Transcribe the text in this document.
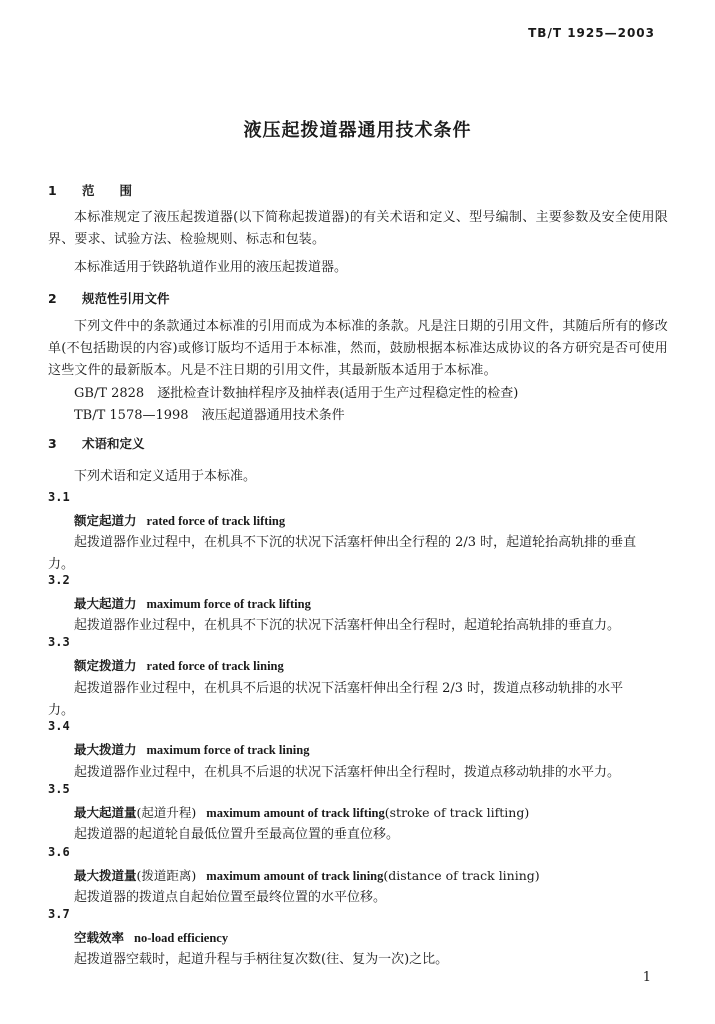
TB/T 1925—2003
液压起拨道器通用技术条件
1 范　　围
本标准规定了液压起拨道器(以下简称起拨道器)的有关术语和定义、型号编制、主要参数及安全使用限界、要求、试验方法、检验规则、标志和包装。
本标准适用于铁路轨道作业用的液压起拨道器。
2 规范性引用文件
下列文件中的条款通过本标准的引用而成为本标准的条款。凡是注日期的引用文件，其随后所有的修改单(不包括勘误的内容)或修订版均不适用于本标准，然而，鼓励根据本标准达成协议的各方研究是否可使用这些文件的最新版本。凡是不注日期的引用文件，其最新版本适用于本标准。
GB/T 2828　逐批检查计数抽样程序及抽样表(适用于生产过程稳定性的检查)
TB/T 1578—1998　液压起道器通用技术条件
3 术语和定义
下列术语和定义适用于本标准。
3.1
额定起道力 rated force of track lifting
起拨道器作业过程中，在机具不下沉的状况下活塞杆伸出全行程的 2/3 时，起道轮抬高轨排的垂直
力。
3.2
最大起道力 maximum force of track lifting
起拨道器作业过程中，在机具不下沉的状况下活塞杆伸出全行程时，起道轮抬高轨排的垂直力。
3.3
额定拨道力 rated force of track lining
起拨道器作业过程中，在机具不后退的状况下活塞杆伸出全行程 2/3 时，拨道点移动轨排的水平
力。
3.4
最大拨道力 maximum force of track lining
起拨道器作业过程中，在机具不后退的状况下活塞杆伸出全行程时，拨道点移动轨排的水平力。
3.5
最大起道量(起道升程) maximum amount of track lifting(stroke of track lifting)
起拨道器的起道轮自最低位置升至最高位置的垂直位移。
3.6
最大拨道量(拨道距离) maximum amount of track lining(distance of track lining)
起拨道器的拨道点自起始位置至最终位置的水平位移。
3.7
空载效率 no-load efficiency
起拨道器空载时，起道升程与手柄往复次数(往、复为一次)之比。
1
